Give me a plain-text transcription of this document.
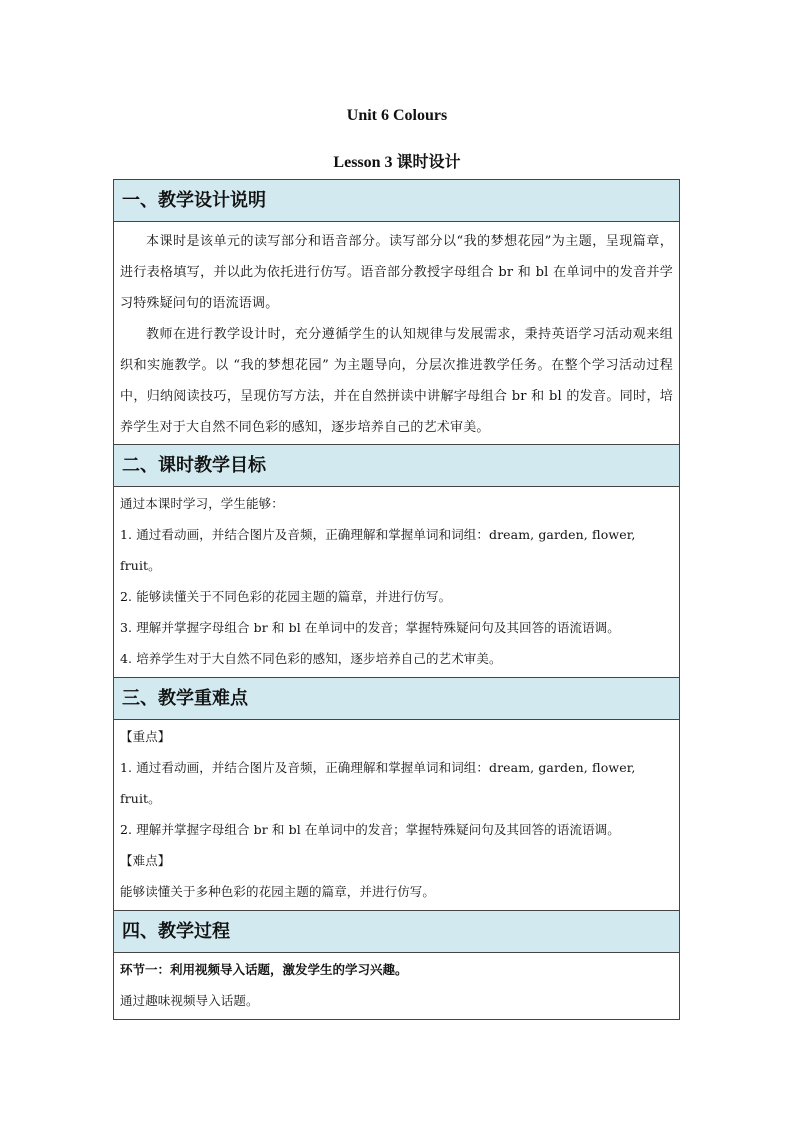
Unit 6 Colours
Lesson 3 课时设计
一、教学设计说明
本课时是该单元的读写部分和语音部分。读写部分以“我的梦想花园”为主题，呈现篇章，进行表格填写，并以此为依托进行仿写。语音部分教授字母组合 br 和 bl 在单词中的发音并学习特殊疑问句的语流语调。
教师在进行教学设计时，充分遵循学生的认知规律与发展需求，秉持英语学习活动观来组织和实施教学。以 “我的梦想花园” 为主题导向，分层次推进教学任务。在整个学习活动过程中，归纳阅读技巧，呈现仿写方法，并在自然拼读中讲解字母组合 br 和 bl 的发音。同时，培养学生对于大自然不同色彩的感知，逐步培养自己的艺术审美。
二、课时教学目标
通过本课时学习，学生能够：
1. 通过看动画，并结合图片及音频，正确理解和掌握单词和词组：dream, garden, flower, fruit。
2. 能够读懂关于不同色彩的花园主题的篇章，并进行仿写。
3. 理解并掌握字母组合 br 和 bl 在单词中的发音；掌握特殊疑问句及其回答的语流语调。
4. 培养学生对于大自然不同色彩的感知，逐步培养自己的艺术审美。
三、教学重难点
【重点】
1. 通过看动画，并结合图片及音频，正确理解和掌握单词和词组：dream, garden, flower, fruit。
2. 理解并掌握字母组合 br 和 bl 在单词中的发音；掌握特殊疑问句及其回答的语流语调。
【难点】
能够读懂关于多种色彩的花园主题的篇章，并进行仿写。
四、教学过程
环节一：利用视频导入话题，激发学生的学习兴趣。
通过趣味视频导入话题。
